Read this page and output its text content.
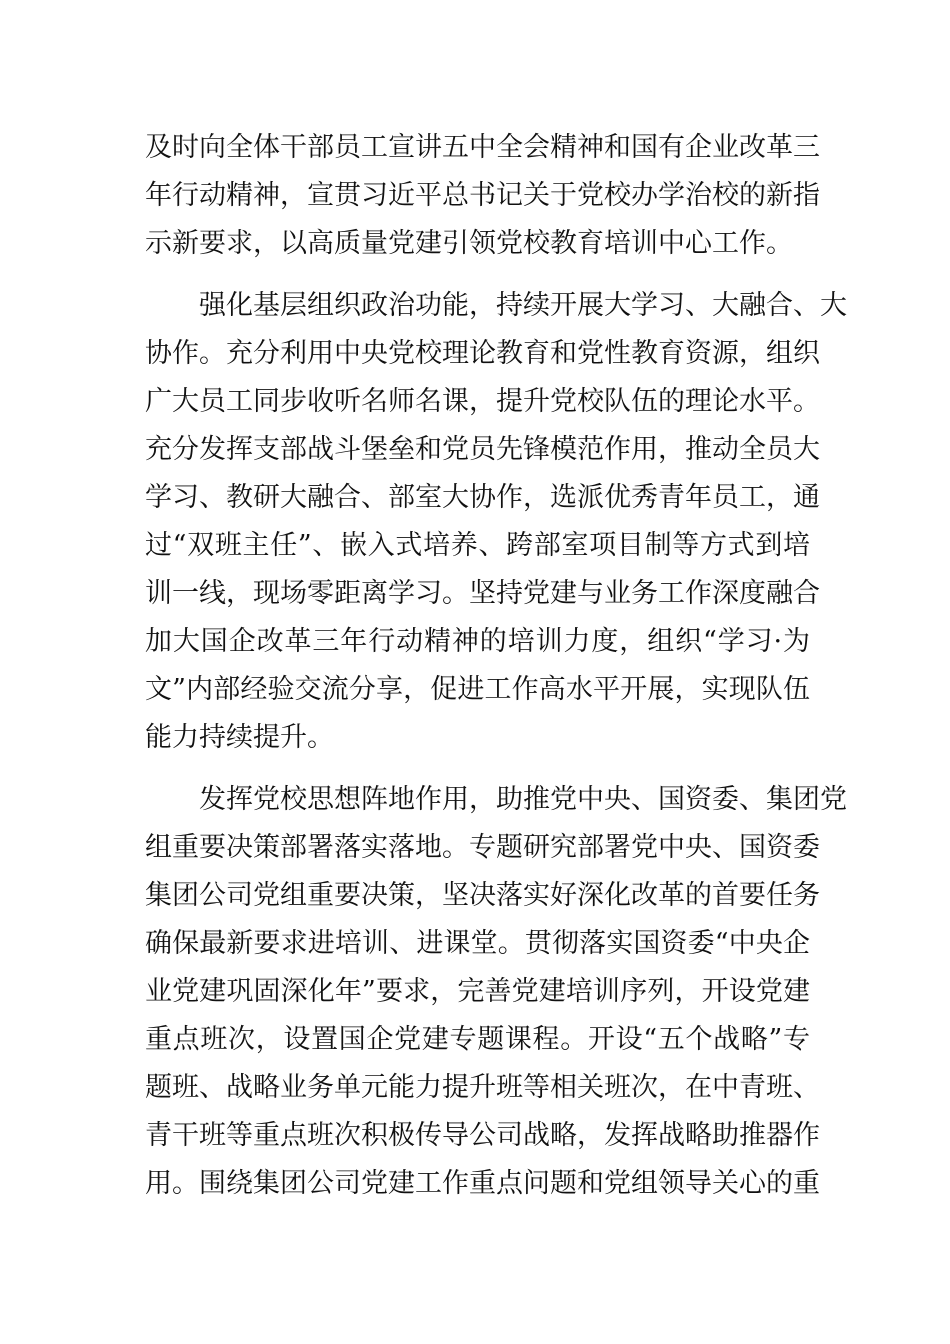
及时向全体干部员工宣讲五中全会精神和国有企业改革三
年行动精神，宣贯习近平总书记关于党校办学治校的新指
示新要求，以高质量党建引领党校教育培训中心工作。
　　强化基层组织政治功能，持续开展大学习、大融合、大
协作。充分利用中央党校理论教育和党性教育资源，组织
广大员工同步收听名师名课，提升党校队伍的理论水平。
充分发挥支部战斗堡垒和党员先锋模范作用，推动全员大
学习、教研大融合、部室大协作，选派优秀青年员工，通
过“双班主任”、嵌入式培养、跨部室项目制等方式到培
训一线，现场零距离学习。坚持党建与业务工作深度融合
加大国企改革三年行动精神的培训力度，组织“学习·为
文”内部经验交流分享，促进工作高水平开展，实现队伍
能力持续提升。
　　发挥党校思想阵地作用，助推党中央、国资委、集团党
组重要决策部署落实落地。专题研究部署党中央、国资委
集团公司党组重要决策，坚决落实好深化改革的首要任务
确保最新要求进培训、进课堂。贯彻落实国资委“中央企
业党建巩固深化年”要求，完善党建培训序列，开设党建
重点班次，设置国企党建专题课程。开设“五个战略”专
题班、战略业务单元能力提升班等相关班次，在中青班、
青干班等重点班次积极传导公司战略，发挥战略助推器作
用。围绕集团公司党建工作重点问题和党组领导关心的重
